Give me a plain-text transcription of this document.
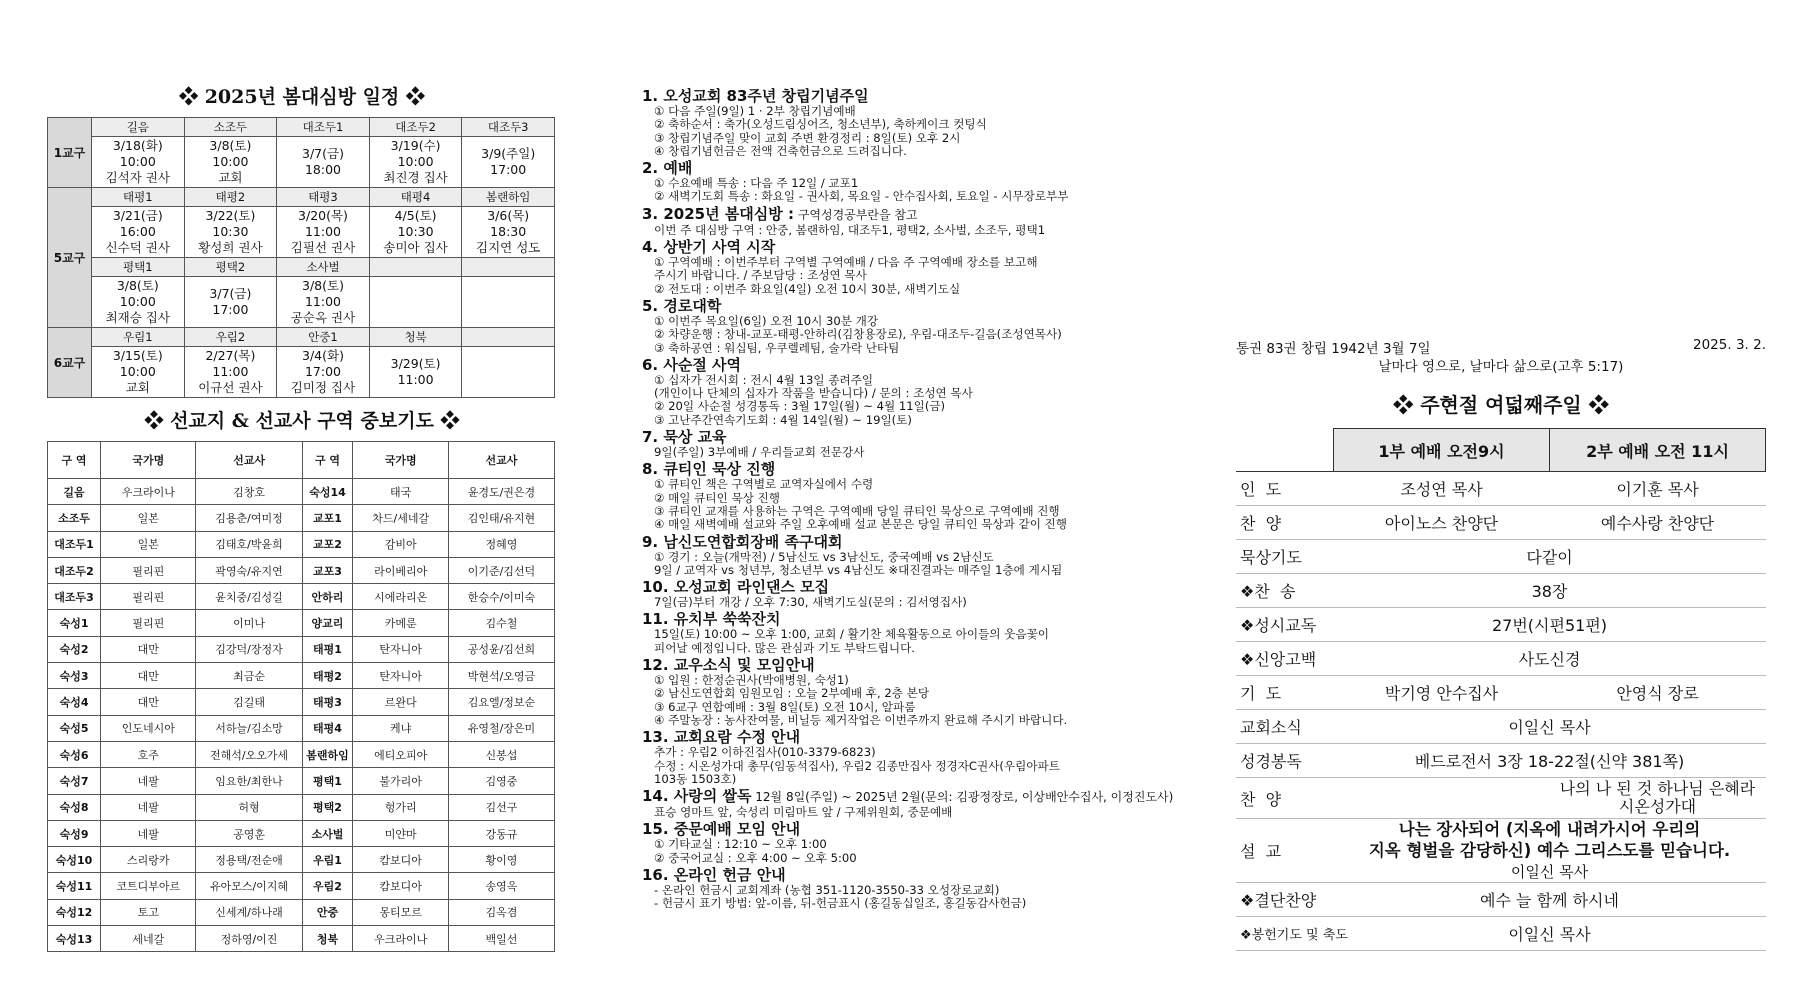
❖ 2025년 봄대심방 일정 ❖
1교구	길음	소조두	대조두1	대조두2	대조두3
	3/18(화)
10:00
김석자 권사	3/8(토)
10:00
교회	3/7(금)
18:00	3/19(수)
10:00
최진경 집사	3/9(주일)
17:00
5교구	태평1	태평2	태평3	태평4	봄랜하임
	3/21(금)
16:00
신수덕 권사	3/22(토)
10:30
황성희 권사	3/20(목)
11:00
김필선 권사	4/5(토)
10:30
송미아 집사	3/6(목)
18:30
김지연 성도
	평택1	평택2	소사벌		
	3/8(토)
10:00
최재승 집사	3/7(금)
17:00	3/8(토)
11:00
공순옥 권사		
6교구	우림1	우림2	안중1	청북	
	3/15(토)
10:00
교회	2/27(목)
11:00
이규선 권사	3/4(화)
17:00
김미정 집사	3/29(토)
11:00	
❖ 선교지 & 선교사 구역 중보기도 ❖
구 역	국가명	선교사	구 역	국가명	선교사
길음	우크라이나	김창호	숙성14	태국	윤경도/권은경
소조두	일본	김용춘/여미정	교포1	차드/세네갈	김인태/유지현
대조두1	일본	김태호/박윤희	교포2	감비아	정혜영
대조두2	필리핀	곽영숙/유지연	교포3	라이베리아	이기준/김선덕
대조두3	필리핀	윤치중/김성길	안하리	시에라리온	한승수/이미숙
숙성1	필리핀	이미나	양교리	카메룬	김수철
숙성2	대만	김강덕/장정자	태평1	탄자니아	공성윤/김선희
숙성3	대만	최금순	태평2	탄자니아	박현석/오영금
숙성4	대만	김길태	태평3	르완다	김요엘/정보순
숙성5	인도네시아	서하늘/김소망	태평4	케냐	유영철/장은미
숙성6	호주	전해석/오오가세	봄랜하임	에티오피아	신봉섭
숙성7	네팔	임요한/최한나	평택1	불가리아	김영중
숙성8	네팔	허형	평택2	헝가리	김선구
숙성9	네팔	공영훈	소사벌	미얀마	강동규
숙성10	스리랑카	정용택/전순애	우림1	캄보디아	황이영
숙성11	코트디부아르	유아모스/이지혜	우림2	캄보디아	송영옥
숙성12	토고	신세계/하나래	안중	몽티모르	김옥겸
숙성13	세네갈	정하영/이진	청북	우크라이나	백일선
1. 오성교회 83주년 창립기념주일
① 다음 주일(9일) 1 · 2부 창립기념예배
② 축하순서 : 축가(오성드림싱어즈, 청소년부), 축하케이크 컷팅식
③ 창립기념주일 맞이 교회 주변 환경정리 : 8일(토) 오후 2시
④ 창립기념헌금은 전액 건축헌금으로 드려집니다.
2. 예배
① 수요예배 특송 : 다음 주 12일 / 교포1
② 새벽기도회 특송 : 화요일 - 권사회, 목요일 - 안수집사회, 토요일 - 시무장로부부
3. 2025년 봄대심방 : 구역성경공부란을 참고
이번 주 대심방 구역 : 안중, 봄랜하임, 대조두1, 평택2, 소사벌, 소조두, 평택1
4. 상반기 사역 시작
① 구역예배 : 이번주부터 구역별 구역예배 / 다음 주 구역예배 장소를 보고해
주시기 바랍니다. / 주보담당 : 조성연 목사
② 전도대 : 이번주 화요일(4일) 오전 10시 30분, 새벽기도실
5. 경로대학
① 이번주 목요일(6일) 오전 10시 30분 개강
② 차량운행 : 창내-교포-태평-안하리(김창용장로), 우림-대조두-길음(조성연목사)
③ 축하공연 : 워십팀, 우쿠렐레팀, 술가락 난타팀
6. 사순절 사역
① 십자가 전시회 : 전시 4월 13일 종려주일
(개인이나 단체의 십자가 작품을 받습니다) / 문의 : 조성연 목사
② 20일 사순절 성경통독 : 3월 17일(월) ~ 4월 11일(금)
③ 고난주간연속기도회 : 4월 14일(월) ~ 19일(토)
7. 묵상 교육
9일(주일) 3부예배 / 우리들교회 전문강사
8. 큐티인 묵상 진행
① 큐티인 책은 구역별로 교역자실에서 수령
② 매일 큐티인 묵상 진행
③ 큐티인 교재를 사용하는 구역은 구역예배 당일 큐티인 묵상으로 구역예배 진행
④ 매일 새벽예배 설교와 주일 오후예배 설교 본문은 당일 큐티인 묵상과 같이 진행
9. 남신도연합회장배 족구대회
① 경기 : 오늘(개막전) / 5남신도 vs 3남신도, 중국예배 vs 2남신도
9일 / 교역자 vs 청년부, 청소년부 vs 4남신도 ※대진결과는 매주일 1층에 게시됨
10. 오성교회 라인댄스 모집
7일(금)부터 개강 / 오후 7:30, 새벽기도실(문의 : 김서영집사)
11. 유치부 쑥쑥잔치
15일(토) 10:00 ~ 오후 1:00, 교회 / 활기찬 체육활동으로 아이들의 웃음꽃이
피어날 예정입니다. 많은 관심과 기도 부탁드립니다.
12. 교우소식 및 모임안내
① 입원 : 한정순권사(박애병원, 숙성1)
② 남신도연합회 임원모임 : 오늘 2부예배 후, 2층 본당
③ 6교구 연합예배 : 3월 8일(토) 오전 10시, 알파룸
④ 주말농장 : 농사잔여물, 비닐등 제거작업은 이번주까지 완료해 주시기 바랍니다.
13. 교회요람 수정 안내
추가 : 우림2 이하진집사(010-3379-6823)
수정 : 시온성가대 총무(임동석집사), 우림2 김종만집사 정경자C권사(우림아파트
103동 1503호)
14. 사랑의 쌀독 12월 8일(주일) ~ 2025년 2월(문의: 김광정장로, 이상배안수집사, 이정진도사)
표승 영마트 앞, 숙성리 미림마트 앞 / 구제위원회, 중문예배
15. 중문예배 모임 안내
① 기타교실 : 12:10 ~ 오후 1:00
② 중국어교실 : 오후 4:00 ~ 오후 5:00
16. 온라인 헌금 안내
- 온라인 헌금시 교회계좌 (농협 351-1120-3550-33 오성장로교회)
- 헌금시 표기 방법: 앞-이름, 뒤-헌금표시 (홍길동십일조, 홍길동감사헌금)
통권 83권 창립 1942년 3월 7일	2025. 3. 2.
날마다 영으로, 날마다 삶으로(고후 5:17)
❖ 주현절 여덟째주일 ❖
	1부 예배 오전9시	2부 예배 오전 11시
인  도	조성연 목사	이기훈 목사
찬  양	아이노스 찬양단	예수사랑 찬양단
묵상기도	다같이	
❖찬  송	38장	
❖성시교독	27번(시편51편)	
❖신앙고백	사도신경	
기  도	박기영 안수집사	안영식 장로
교회소식	이일신 목사	
성경봉독	베드로전서 3장 18-22절(신약 381쪽)	
찬  양		나의 나 된 것 하나님 은혜라
시온성가대
설  교	나는 장사되어 (지옥에 내려가시어 우리의
지옥 형벌을 감당하신) 예수 그리스도를 믿습니다.
이일신 목사	

❖결단찬양	예수 늘 함께 하시네	
❖봉헌기도 및 축도	이일신 목사	
